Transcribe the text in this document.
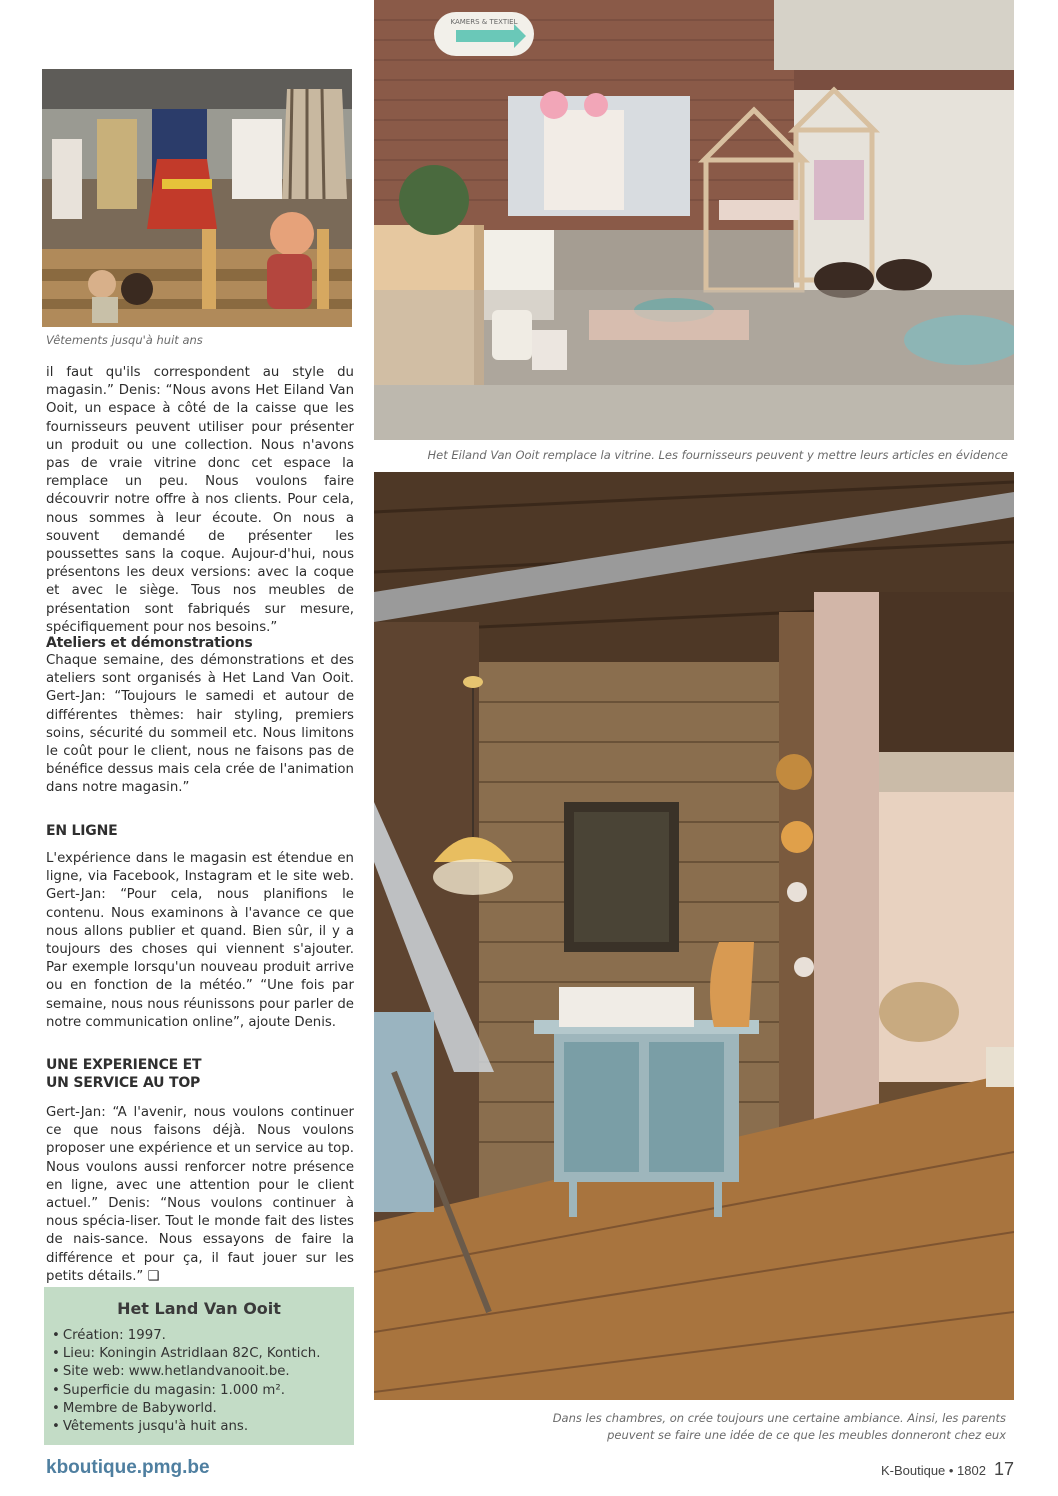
Vêtements jusqu'à huit ans
KAMERS & TEXTIEL
Het Eiland Van Ooit remplace la vitrine. Les fournisseurs peuvent y mettre leurs articles en évidence
Dans les chambres, on crée toujours une certaine ambiance. Ainsi, les parents
peuvent se faire une idée de ce que les meubles donneront chez eux

il faut qu'ils correspondent au style du magasin.” Denis: “Nous avons Het Eiland Van Ooit, un espace à côté de la caisse que les fournisseurs peuvent utiliser pour présenter un produit ou une collection. Nous n'avons pas de vraie vitrine donc cet espace la remplace un peu. Nous voulons faire découvrir notre offre à nos clients. Pour cela, nous sommes à leur écoute. On nous a souvent demandé de présenter les poussettes sans la coque. Aujour-d'hui, nous présentons les deux versions: avec la coque et avec le siège. Tous nos meubles de présentation sont fabriqués sur mesure, spécifiquement pour nos besoins.”

Ateliers et démonstrations

Chaque semaine, des démonstrations et des ateliers sont organisés à Het Land Van Ooit. Gert-Jan: “Toujours le samedi et autour de différentes thèmes: hair styling, premiers soins, sécurité du sommeil etc. Nous limitons le coût pour le client, nous ne faisons pas de bénéfice dessus mais cela crée de l'animation dans notre magasin.”

EN LIGNE

L'expérience dans le magasin est étendue en ligne, via Facebook, Instagram et le site web. Gert-Jan: “Pour cela, nous planifions le contenu. Nous examinons à l'avance ce que nous allons publier et quand. Bien sûr, il y a toujours des choses qui viennent s'ajouter. Par exemple lorsqu'un nouveau produit arrive ou en fonction de la météo.” “Une fois par semaine, nous nous réunissons pour parler de notre communication online”, ajoute Denis.

UNE EXPERIENCE ET
UN SERVICE AU TOP

Gert-Jan: “A l'avenir, nous voulons continuer ce que nous faisons déjà. Nous voulons proposer une expérience et un service au top. Nous voulons aussi renforcer notre présence en ligne, avec une attention pour le client actuel.” Denis: “Nous voulons continuer à nous spécia-liser. Tout le monde fait des listes de nais-sance. Nous essayons de faire la différence et pour ça, il faut jouer sur les petits détails.” ❑

Het Land Van Ooit
• Création: 1997.
• Lieu: Koningin Astridlaan 82C, Kontich.
• Site web: www.hetlandvanooit.be.
• Superficie du magasin: 1.000 m².
• Membre de Babyworld.
• Vêtements jusqu'à huit ans.
kboutique.pmg.be	K-Boutique • 1802 17
